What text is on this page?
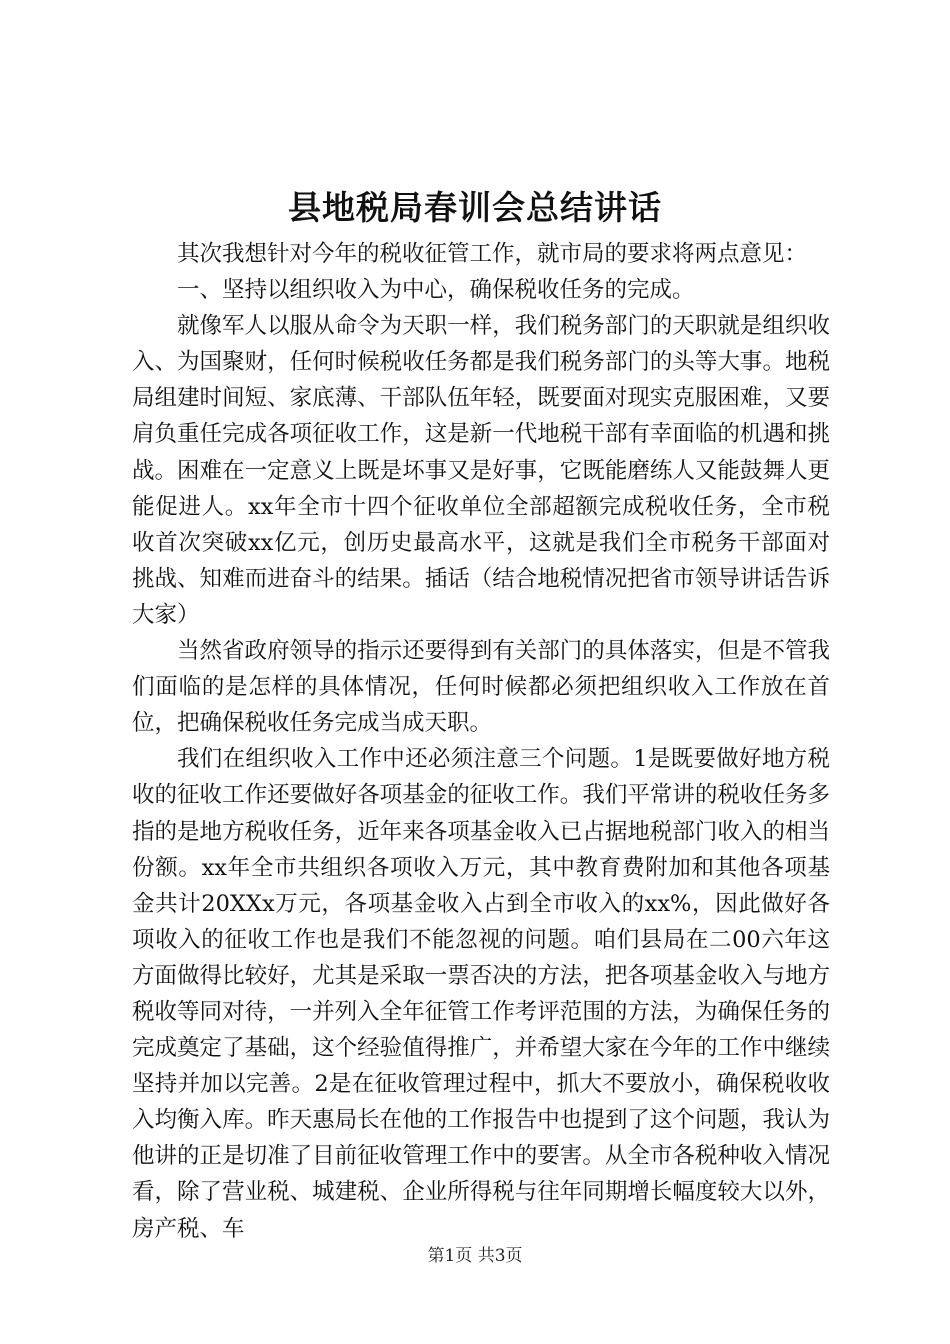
县地税局春训会总结讲话

其次我想针对今年的税收征管工作，就市局的要求将两点意见：

一、坚持以组织收入为中心，确保税收任务的完成。

就像军人以服从命令为天职一样，我们税务部门的天职就是组织收入、为国聚财，任何时候税收任务都是我们税务部门的头等大事。地税局组建时间短、家底薄、干部队伍年轻，既要面对现实克服困难，又要肩负重任完成各项征收工作，这是新一代地税干部有幸面临的机遇和挑战。困难在一定意义上既是坏事又是好事，它既能磨练人又能鼓舞人更能促进人。xx年全市十四个征收单位全部超额完成税收任务，全市税收首次突破xx亿元，创历史最高水平，这就是我们全市税务干部面对挑战、知难而进奋斗的结果。插话（结合地税情况把省市领导讲话告诉大家）

当然省政府领导的指示还要得到有关部门的具体落实，但是不管我们面临的是怎样的具体情况，任何时候都必须把组织收入工作放在首位，把确保税收任务完成当成天职。

我们在组织收入工作中还必须注意三个问题。1是既要做好地方税收的征收工作还要做好各项基金的征收工作。我们平常讲的税收任务多指的是地方税收任务，近年来各项基金收入已占据地税部门收入的相当份额。xx年全市共组织各项收入万元，其中教育费附加和其他各项基金共计20XXx万元，各项基金收入占到全市收入的xx%，因此做好各项收入的征收工作也是我们不能忽视的问题。咱们县局在二00六年这方面做得比较好，尤其是采取一票否决的方法，把各项基金收入与地方税收等同对待，一并列入全年征管工作考评范围的方法，为确保任务的完成奠定了基础，这个经验值得推广，并希望大家在今年的工作中继续坚持并加以完善。2是在征收管理过程中，抓大不要放小，确保税收收入均衡入库。昨天惠局长在他的工作报告中也提到了这个问题，我认为他讲的正是切准了目前征收管理工作中的要害。从全市各税种收入情况看，除了营业税、城建税、企业所得税与往年同期增长幅度较大以外，房产税、车

第1页 共3页
